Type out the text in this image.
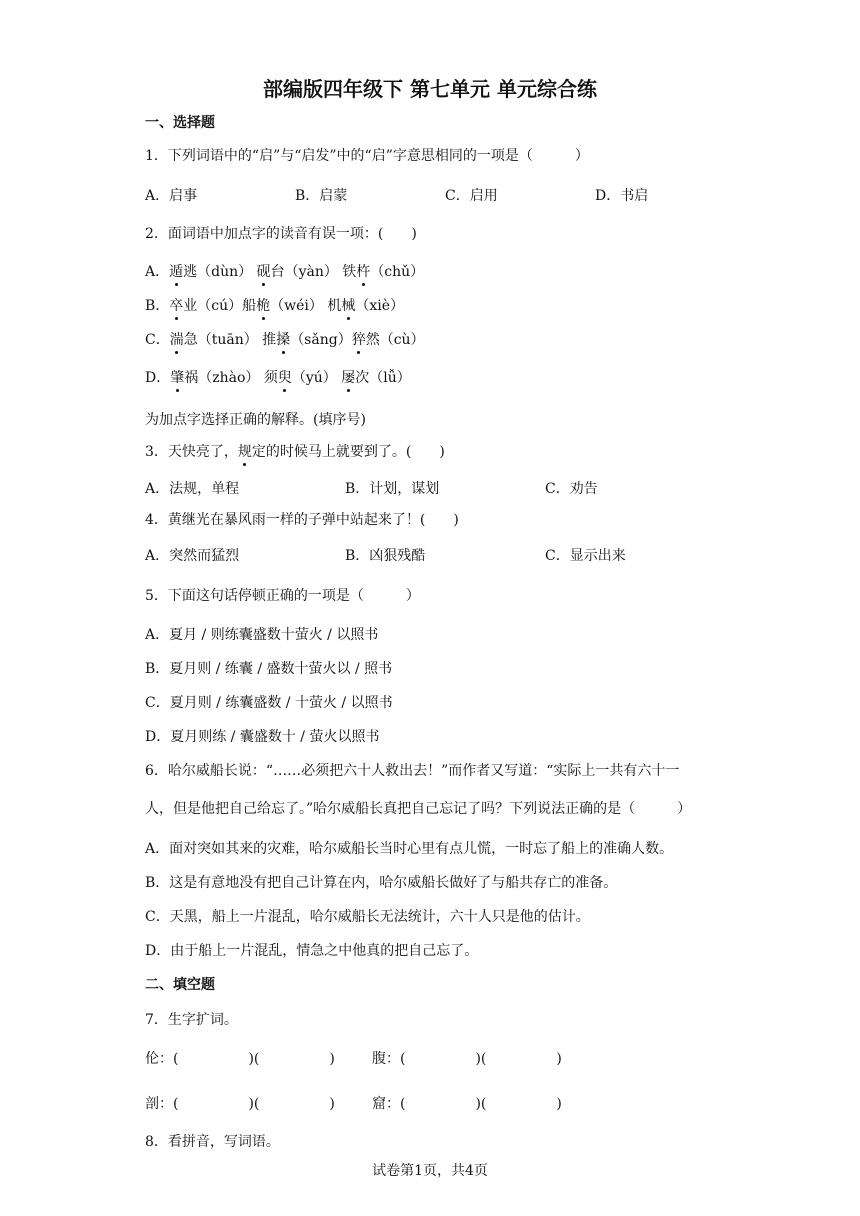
部编版四年级下 第七单元 单元综合练
一、选择题
1．下列词语中的“启”与“启发”中的“启”字意思相同的一项是（　　　）
A．启事	B．启蒙	C．启用	D．书启
2．面词语中加点字的读音有误一项：(　　)
A．遁逃（dùn） 砚台（yàn） 铁杵（chǔ）
B．卒业（cú）船桅（wéi） 机械（xiè）
C．湍急（tuān） 推搡（sǎng）猝然（cù）
D．肇祸（zhào） 须臾（yú） 屡次（lǚ）
为加点字选择正确的解释。(填序号)
3．天快亮了，规定的时候马上就要到了。(　　)
A．法规，单程	B．计划，谋划	C．劝告
4．黄继光在暴风雨一样的子弹中站起来了！(　　)
A．突然而猛烈	B．凶狠残酷	C．显示出来
5．下面这句话停顿正确的一项是（　　　）
A．夏月 / 则练囊盛数十萤火 / 以照书
B．夏月则 / 练囊 / 盛数十萤火以 / 照书
C．夏月则 / 练囊盛数 / 十萤火 / 以照书
D．夏月则练 / 囊盛数十 / 萤火以照书
6．哈尔威船长说：“……必须把六十人救出去！”而作者又写道：“实际上一共有六十一
人，但是他把自己给忘了。”哈尔威船长真把自己忘记了吗？下列说法正确的是（　　　）
A．面对突如其来的灾难，哈尔威船长当时心里有点儿慌，一时忘了船上的准确人数。
B．这是有意地没有把自己计算在内，哈尔威船长做好了与船共存亡的准备。
C．天黑，船上一片混乱，哈尔威船长无法统计，六十人只是他的估计。
D．由于船上一片混乱，情急之中他真的把自己忘了。
二、填空题
7．生字扩词。
伦：(　　　　　)(　　　　　)	腹：(　　　　　)(　　　　　)
剖：(　　　　　)(　　　　　)	窟：(　　　　　)(　　　　　)
8．看拼音，写词语。
试卷第1页，共4页
